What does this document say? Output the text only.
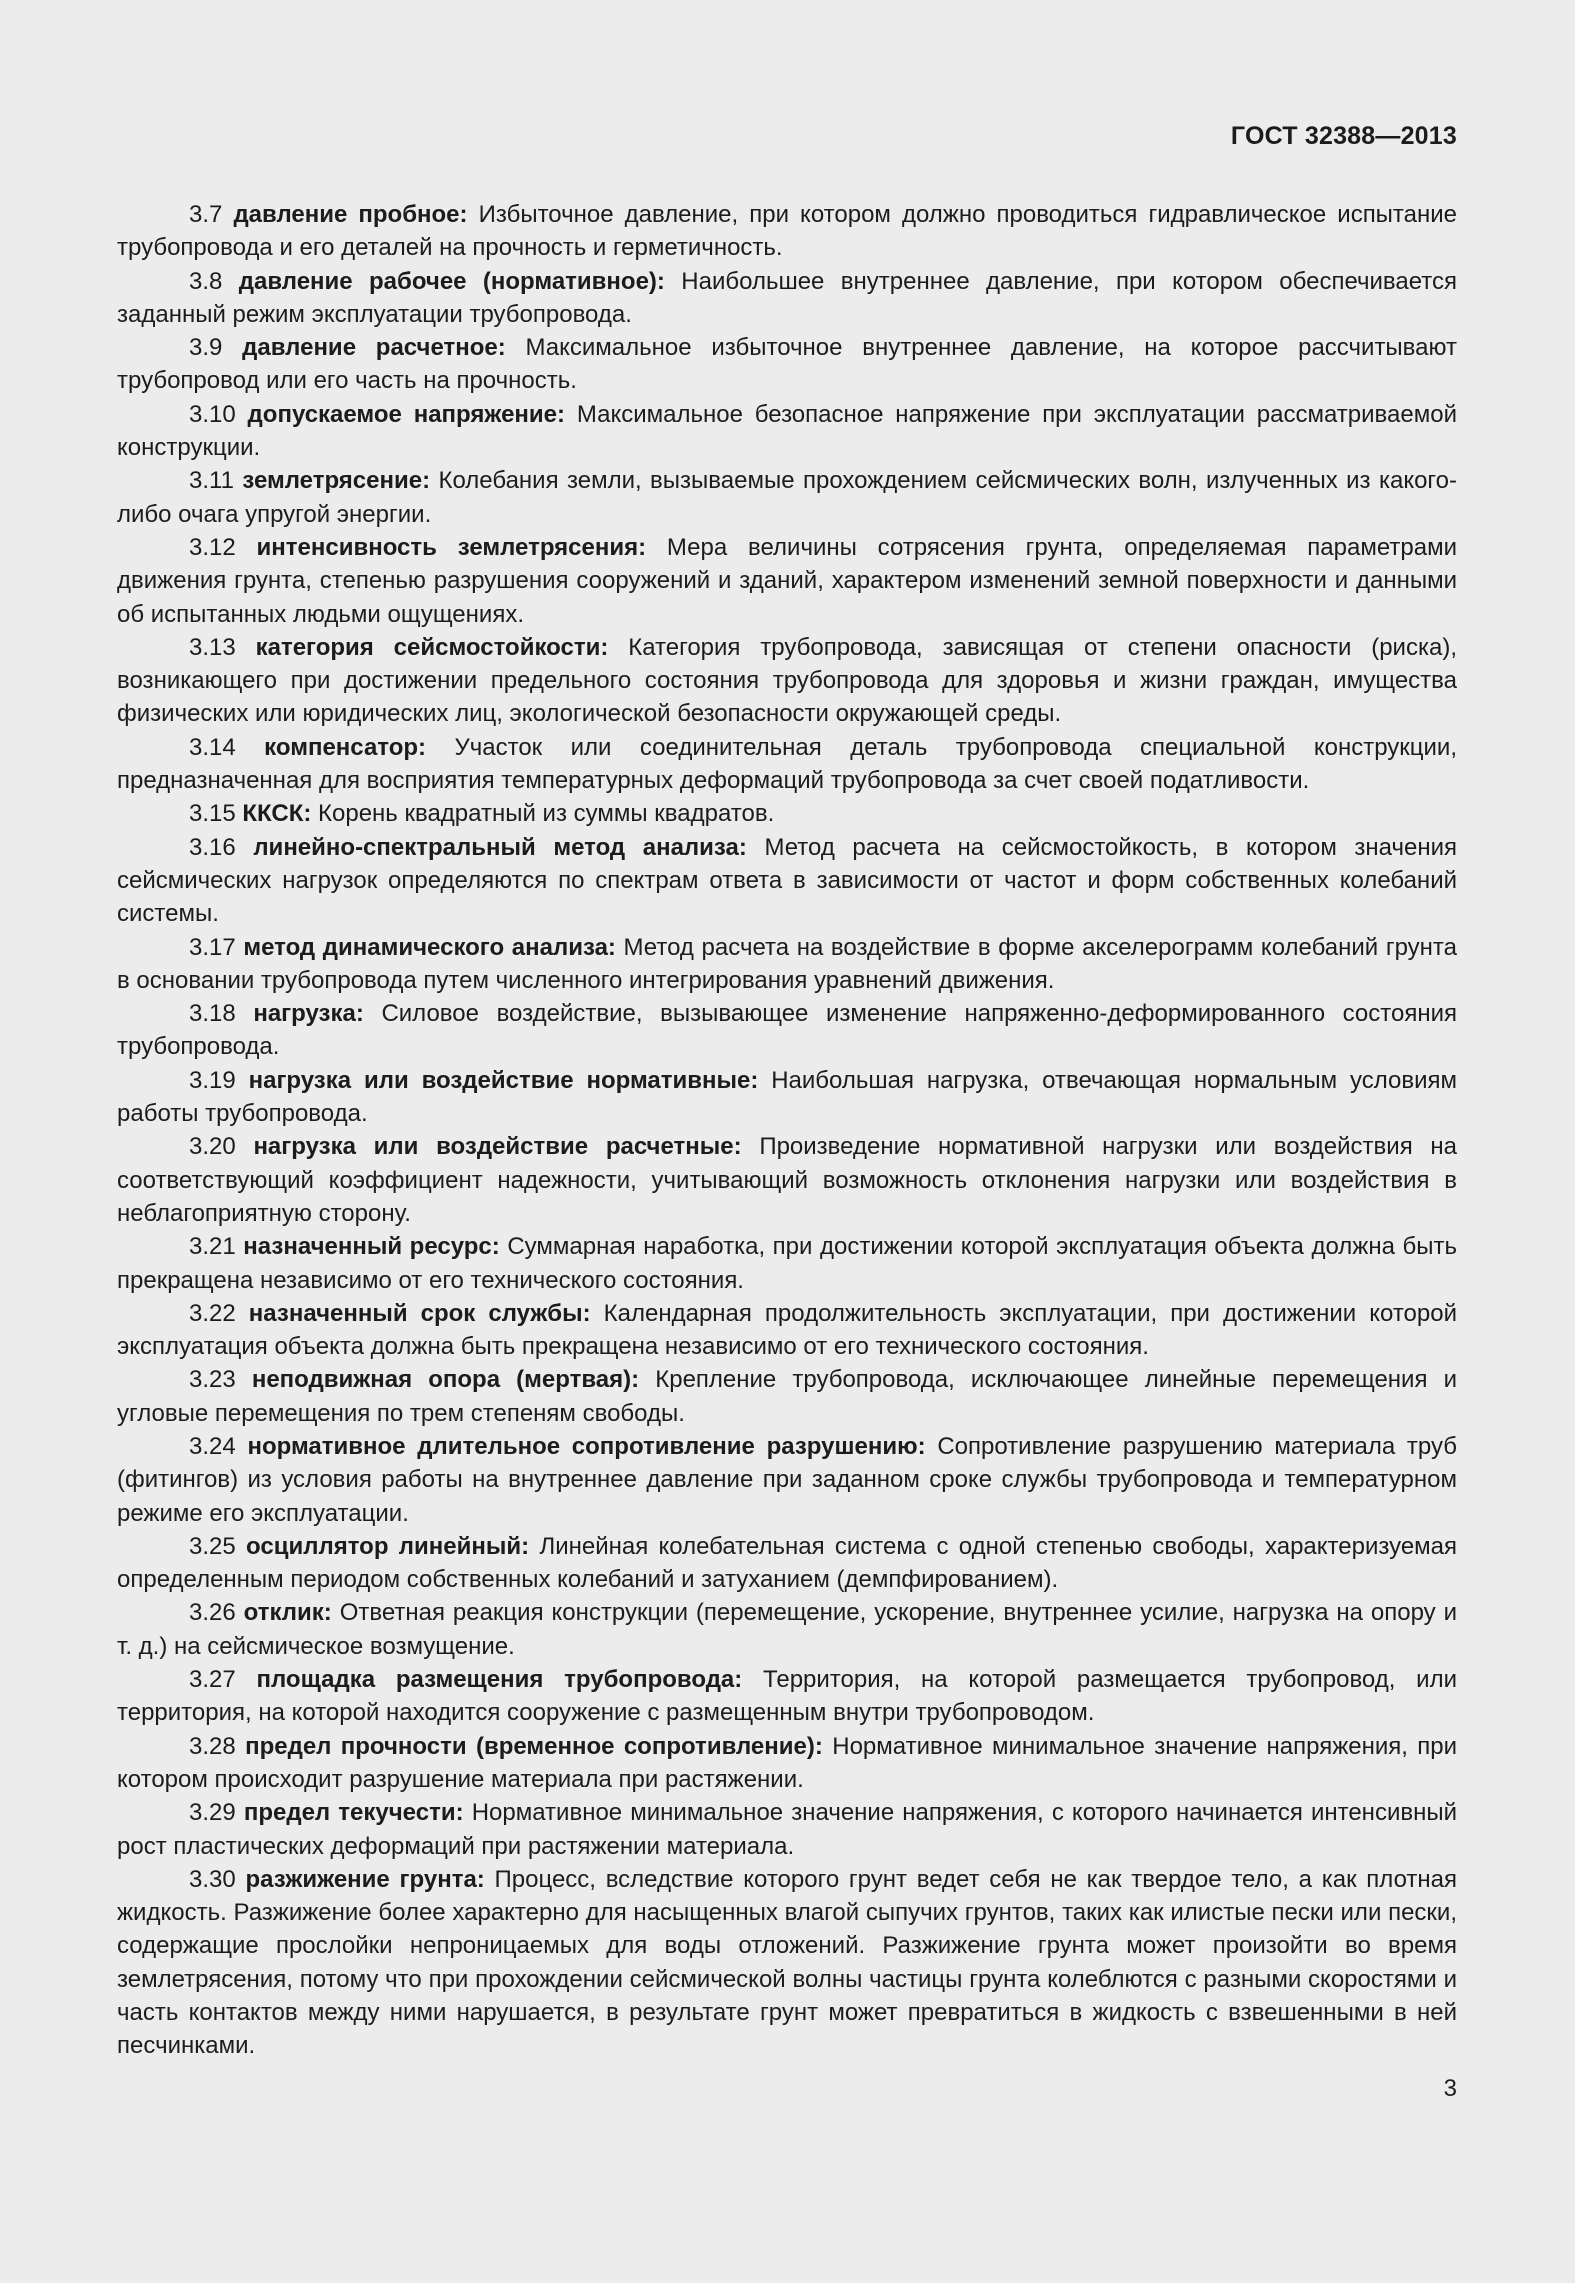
ГОСТ 32388—2013

3.7 давление пробное: Избыточное давление, при котором должно проводиться гидравлическое испытание трубопровода и его деталей на прочность и герметичность.

3.8 давление рабочее (нормативное): Наибольшее внутреннее давление, при котором обеспечивается заданный режим эксплуатации трубопровода.

3.9 давление расчетное: Максимальное избыточное внутреннее давление, на которое рассчитывают трубопровод или его часть на прочность.

3.10 допускаемое напряжение: Максимальное безопасное напряжение при эксплуатации рассматриваемой конструкции.

3.11 землетрясение: Колебания земли, вызываемые прохождением сейсмических волн, излученных из какого-либо очага упругой энергии.

3.12 интенсивность землетрясения: Мера величины сотрясения грунта, определяемая параметрами движения грунта, степенью разрушения сооружений и зданий, характером изменений земной поверхности и данными об испытанных людьми ощущениях.

3.13 категория сейсмостойкости: Категория трубопровода, зависящая от степени опасности (риска), возникающего при достижении предельного состояния трубопровода для здоровья и жизни граждан, имущества физических или юридических лиц, экологической безопасности окружающей среды.

3.14 компенсатор: Участок или соединительная деталь трубопровода специальной конструкции, предназначенная для восприятия температурных деформаций трубопровода за счет своей податливости.

3.15 ККСК: Корень квадратный из суммы квадратов.

3.16 линейно-спектральный метод анализа: Метод расчета на сейсмостойкость, в котором значения сейсмических нагрузок определяются по спектрам ответа в зависимости от частот и форм собственных колебаний системы.

3.17 метод динамического анализа: Метод расчета на воздействие в форме акселерограмм колебаний грунта в основании трубопровода путем численного интегрирования уравнений движения.

3.18 нагрузка: Силовое воздействие, вызывающее изменение напряженно-деформированного состояния трубопровода.

3.19 нагрузка или воздействие нормативные: Наибольшая нагрузка, отвечающая нормальным условиям работы трубопровода.

3.20 нагрузка или воздействие расчетные: Произведение нормативной нагрузки или воздействия на соответствующий коэффициент надежности, учитывающий возможность отклонения нагрузки или воздействия в неблагоприятную сторону.

3.21 назначенный ресурс: Суммарная наработка, при достижении которой эксплуатация объекта должна быть прекращена независимо от его технического состояния.

3.22 назначенный срок службы: Календарная продолжительность эксплуатации, при достижении которой эксплуатация объекта должна быть прекращена независимо от его технического состояния.

3.23 неподвижная опора (мертвая): Крепление трубопровода, исключающее линейные перемещения и угловые перемещения по трем степеням свободы.

3.24 нормативное длительное сопротивление разрушению: Сопротивление разрушению материала труб (фитингов) из условия работы на внутреннее давление при заданном сроке службы трубопровода и температурном режиме его эксплуатации.

3.25 осциллятор линейный: Линейная колебательная система с одной степенью свободы, характеризуемая определенным периодом собственных колебаний и затуханием (демпфированием).

3.26 отклик: Ответная реакция конструкции (перемещение, ускорение, внутреннее усилие, нагрузка на опору и т. д.) на сейсмическое возмущение.

3.27 площадка размещения трубопровода: Территория, на которой размещается трубопровод, или территория, на которой находится сооружение с размещенным внутри трубопроводом.

3.28 предел прочности (временное сопротивление): Нормативное минимальное значение напряжения, при котором происходит разрушение материала при растяжении.

3.29 предел текучести: Нормативное минимальное значение напряжения, с которого начинается интенсивный рост пластических деформаций при растяжении материала.

3.30 разжижение грунта: Процесс, вследствие которого грунт ведет себя не как твердое тело, а как плотная жидкость. Разжижение более характерно для насыщенных влагой сыпучих грунтов, таких как илистые пески или пески, содержащие прослойки непроницаемых для воды отложений. Разжижение грунта может произойти во время землетрясения, потому что при прохождении сейсмической волны частицы грунта колеблются с разными скоростями и часть контактов между ними нарушается, в результате грунт может превратиться в жидкость с взвешенными в ней песчинками.

3
